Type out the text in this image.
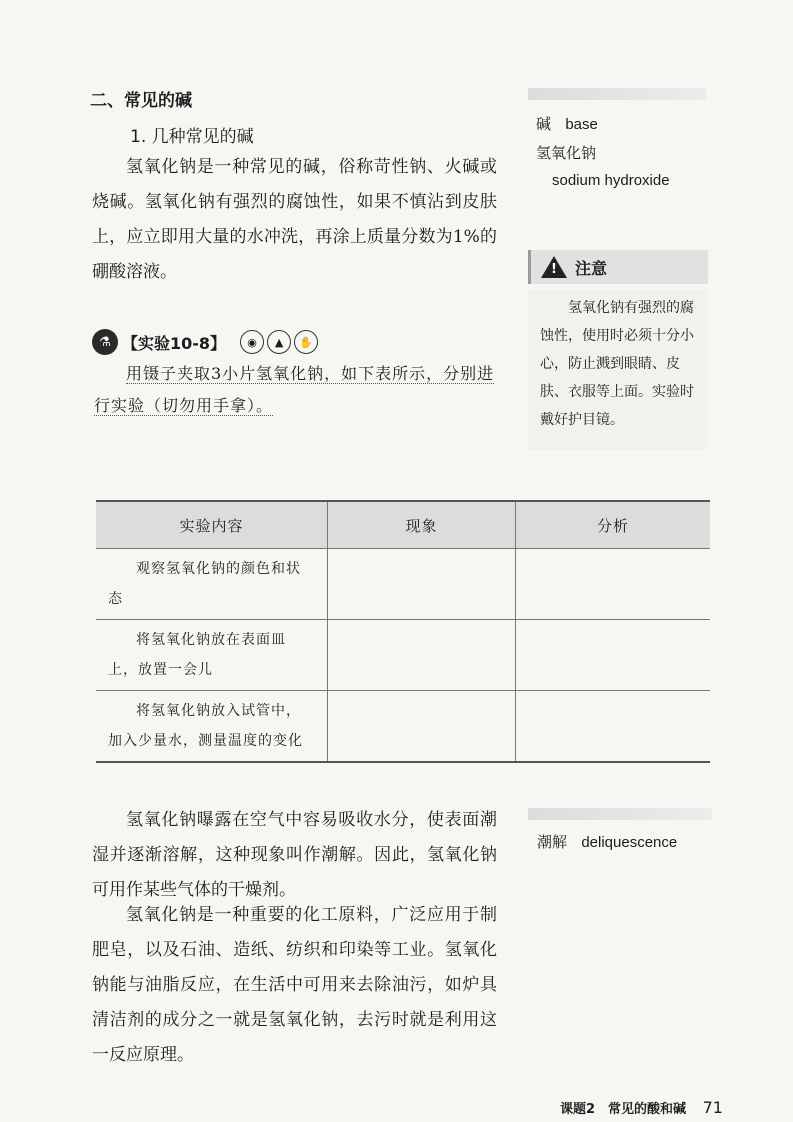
二、常见的碱
1. 几种常见的碱

氢氧化钠是一种常见的碱，俗称苛性钠、火碱或烧碱。氢氧化钠有强烈的腐蚀性，如果不慎沾到皮肤上，应立即用大量的水冲洗，再涂上质量分数为1%的硼酸溶液。

⚗ 【实验10-8】	◉	▲	✋

用镊子夹取3小片氢氧化钠，如下表所示，分别进行实验（切勿用手拿）。

碱 base
氢氧化钠
sodium hydroxide
! 注意

氢氧化钠有强烈的腐蚀性，使用时必须十分小心，防止溅到眼睛、皮肤、衣服等上面。实验时戴好护目镜。

实验内容	现象	分析
观察氢氧化钠的颜色和状态		
将氢氧化钠放在表面皿上，放置一会儿		
将氢氧化钠放入试管中，加入少量水，测量温度的变化		

氢氧化钠曝露在空气中容易吸收水分，使表面潮湿并逐渐溶解，这种现象叫作潮解。因此，氢氧化钠可用作某些气体的干燥剂。

氢氧化钠是一种重要的化工原料，广泛应用于制肥皂，以及石油、造纸、纺织和印染等工业。氢氧化钠能与油脂反应，在生活中可用来去除油污，如炉具清洁剂的成分之一就是氢氧化钠，去污时就是利用这一反应原理。

潮解 deliquescence
课题2　常见的酸和碱 71
